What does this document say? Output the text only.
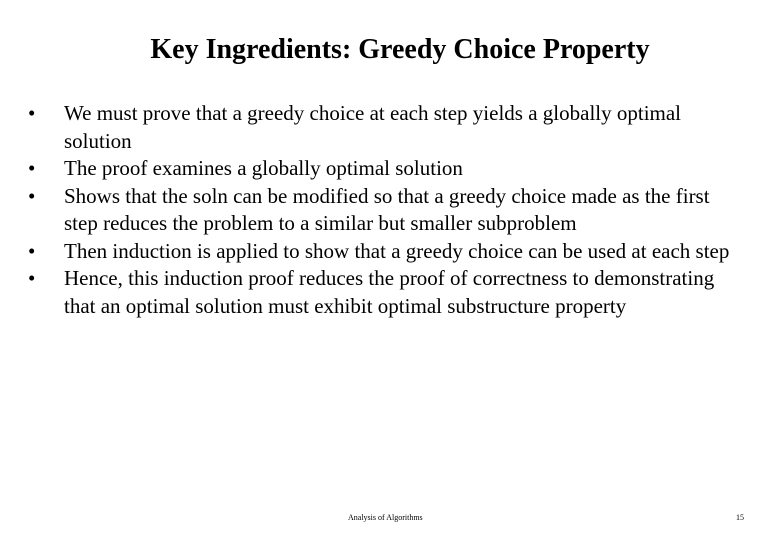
Key Ingredients: Greedy Choice Property
•	We must prove that a greedy choice at each step yields a globally optimal solution
•	The proof examines a globally optimal solution
•	Shows that the soln can be modified so that a greedy choice made as the first step reduces the problem to a similar but smaller subproblem
•	Then induction is applied to show that a greedy choice can be used at each step
•	Hence, this induction proof reduces the proof of correctness to demonstrating that an optimal solution must exhibit optimal substructure property
Analysis of Algorithms	15
